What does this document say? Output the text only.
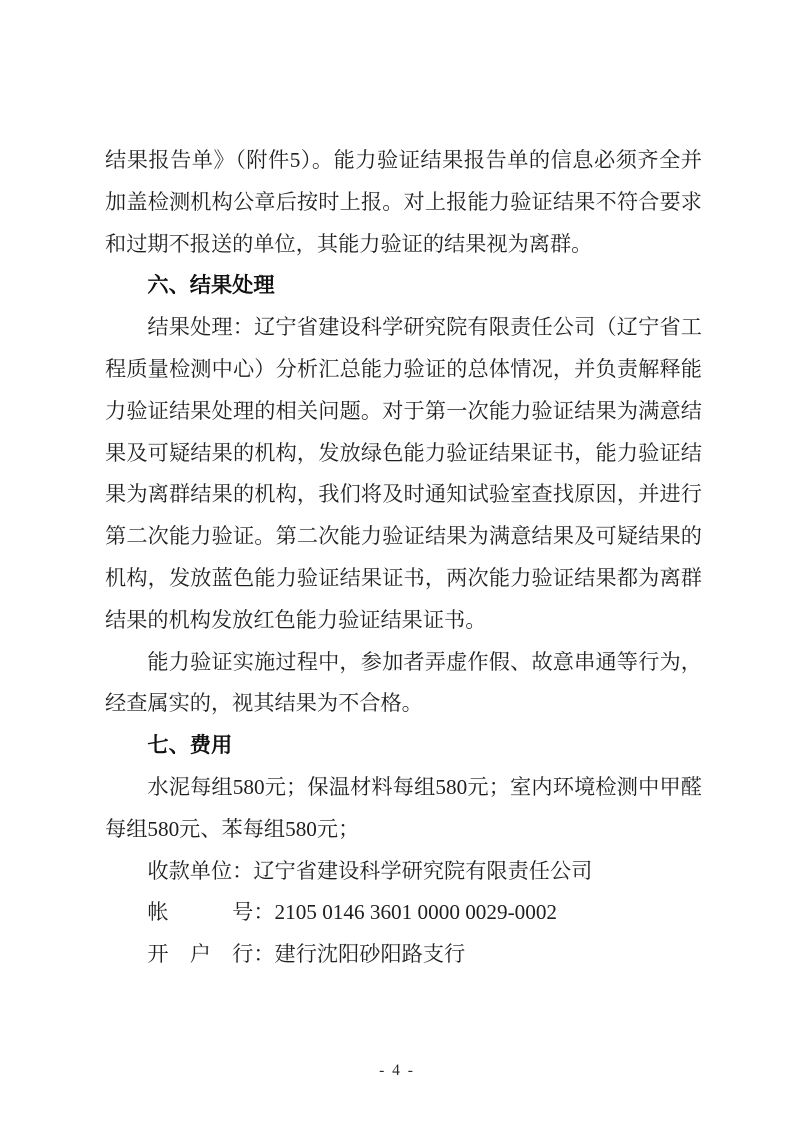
结果报告单》（附件5）。能力验证结果报告单的信息必须齐全并加盖检测机构公章后按时上报。对上报能力验证结果不符合要求和过期不报送的单位，其能力验证的结果视为离群。

六、结果处理

结果处理：辽宁省建设科学研究院有限责任公司（辽宁省工程质量检测中心）分析汇总能力验证的总体情况，并负责解释能力验证结果处理的相关问题。对于第一次能力验证结果为满意结果及可疑结果的机构，发放绿色能力验证结果证书，能力验证结果为离群结果的机构，我们将及时通知试验室查找原因，并进行第二次能力验证。第二次能力验证结果为满意结果及可疑结果的机构，发放蓝色能力验证结果证书，两次能力验证结果都为离群结果的机构发放红色能力验证结果证书。

能力验证实施过程中，参加者弄虚作假、故意串通等行为，经查属实的，视其结果为不合格。

七、费用

水泥每组580元；保温材料每组580元；室内环境检测中甲醛每组580元、苯每组580元；

收款单位：辽宁省建设科学研究院有限责任公司

帐　　　号：2105 0146 3601 0000 0029-0002

开　户　行：建行沈阳砂阳路支行

- 4 -
